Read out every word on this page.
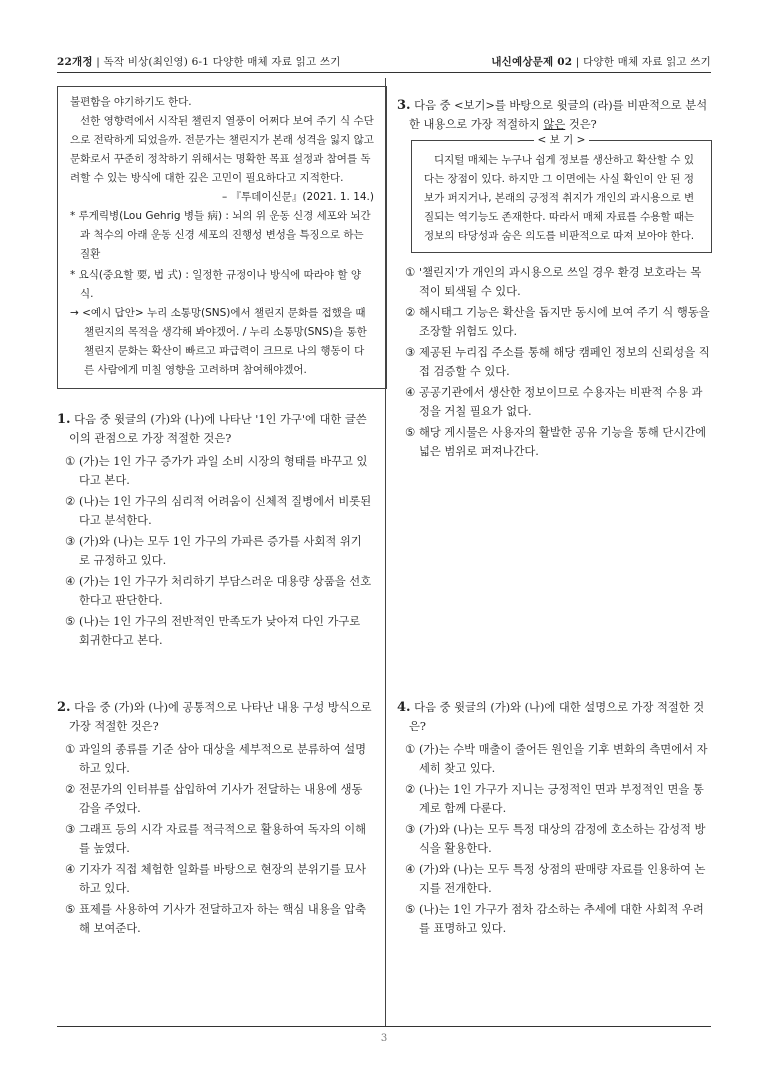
22개정 | 독작 비상(최인영) 6-1 다양한 매체 자료 읽고 쓰기	내신예상문제 02 | 다양한 매체 자료 읽고 쓰기

불편함을 야기하기도 한다.

선한 영향력에서 시작된 챌린지 열풍이 어쩌다 보여 주기 식 수단으로 전락하게 되었을까. 전문가는 챌린지가 본래 성격을 잃지 않고 문화로서 꾸준히 정착하기 위해서는 명확한 목표 설정과 참여를 독려할 수 있는 방식에 대한 깊은 고민이 필요하다고 지적한다.

– 『투데이신문』(2021. 1. 14.)

* 루게릭병(Lou Gehrig 병들 病) : 뇌의 위 운동 신경 세포와 뇌간과 척수의 아래 운동 신경 세포의 진행성 변성을 특징으로 하는 질환

* 요식(중요할 要, 법 式) : 일정한 규정이나 방식에 따라야 할 양식.

→ <예시 답안> 누리 소통망(SNS)에서 챌린지 문화를 접했을 때 챌린지의 목적을 생각해 봐야겠어. / 누리 소통망(SNS)을 통한 챌린지 문화는 확산이 빠르고 파급력이 크므로 나의 행동이 다른 사람에게 미칠 영향을 고려하며 참여해야겠어.

1. 다음 중 윗글의 (가)와 (나)에 나타난 '1인 가구'에 대한 글쓴이의 관점으로 가장 적절한 것은?

① (가)는 1인 가구 증가가 과일 소비 시장의 형태를 바꾸고 있다고 본다.

② (나)는 1인 가구의 심리적 어려움이 신체적 질병에서 비롯된다고 분석한다.

③ (가)와 (나)는 모두 1인 가구의 가파른 증가를 사회적 위기로 규정하고 있다.

④ (가)는 1인 가구가 처리하기 부담스러운 대용량 상품을 선호한다고 판단한다.

⑤ (나)는 1인 가구의 전반적인 만족도가 낮아져 다인 가구로 회귀한다고 본다.

2. 다음 중 (가)와 (나)에 공통적으로 나타난 내용 구성 방식으로 가장 적절한 것은?

① 과일의 종류를 기준 삼아 대상을 세부적으로 분류하여 설명하고 있다.

② 전문가의 인터뷰를 삽입하여 기사가 전달하는 내용에 생동감을 주었다.

③ 그래프 등의 시각 자료를 적극적으로 활용하여 독자의 이해를 높였다.

④ 기자가 직접 체험한 일화를 바탕으로 현장의 분위기를 묘사하고 있다.

⑤ 표제를 사용하여 기사가 전달하고자 하는 핵심 내용을 압축해 보여준다.

3. 다음 중 <보기>를 바탕으로 윗글의 (라)를 비판적으로 분석한 내용으로 가장 적절하지 않은 것은?

< 보 기 >

디지털 매체는 누구나 쉽게 정보를 생산하고 확산할 수 있다는 장점이 있다. 하지만 그 이면에는 사실 확인이 안 된 정보가 퍼지거나, 본래의 긍정적 취지가 개인의 과시용으로 변질되는 역기능도 존재한다. 따라서 매체 자료를 수용할 때는 정보의 타당성과 숨은 의도를 비판적으로 따져 보아야 한다.

① '챌린지'가 개인의 과시용으로 쓰일 경우 환경 보호라는 목적이 퇴색될 수 있다.

② 해시태그 기능은 확산을 돕지만 동시에 보여 주기 식 행동을 조장할 위험도 있다.

③ 제공된 누리집 주소를 통해 해당 캠페인 정보의 신뢰성을 직접 검증할 수 있다.

④ 공공기관에서 생산한 정보이므로 수용자는 비판적 수용 과정을 거칠 필요가 없다.

⑤ 해당 게시물은 사용자의 활발한 공유 기능을 통해 단시간에 넓은 범위로 퍼져나간다.

4. 다음 중 윗글의 (가)와 (나)에 대한 설명으로 가장 적절한 것은?

① (가)는 수박 매출이 줄어든 원인을 기후 변화의 측면에서 자세히 찾고 있다.

② (나)는 1인 가구가 지니는 긍정적인 면과 부정적인 면을 통계로 함께 다룬다.

③ (가)와 (나)는 모두 특정 대상의 감정에 호소하는 감성적 방식을 활용한다.

④ (가)와 (나)는 모두 특정 상점의 판매량 자료를 인용하여 논지를 전개한다.

⑤ (나)는 1인 가구가 점차 감소하는 추세에 대한 사회적 우려를 표명하고 있다.

3
